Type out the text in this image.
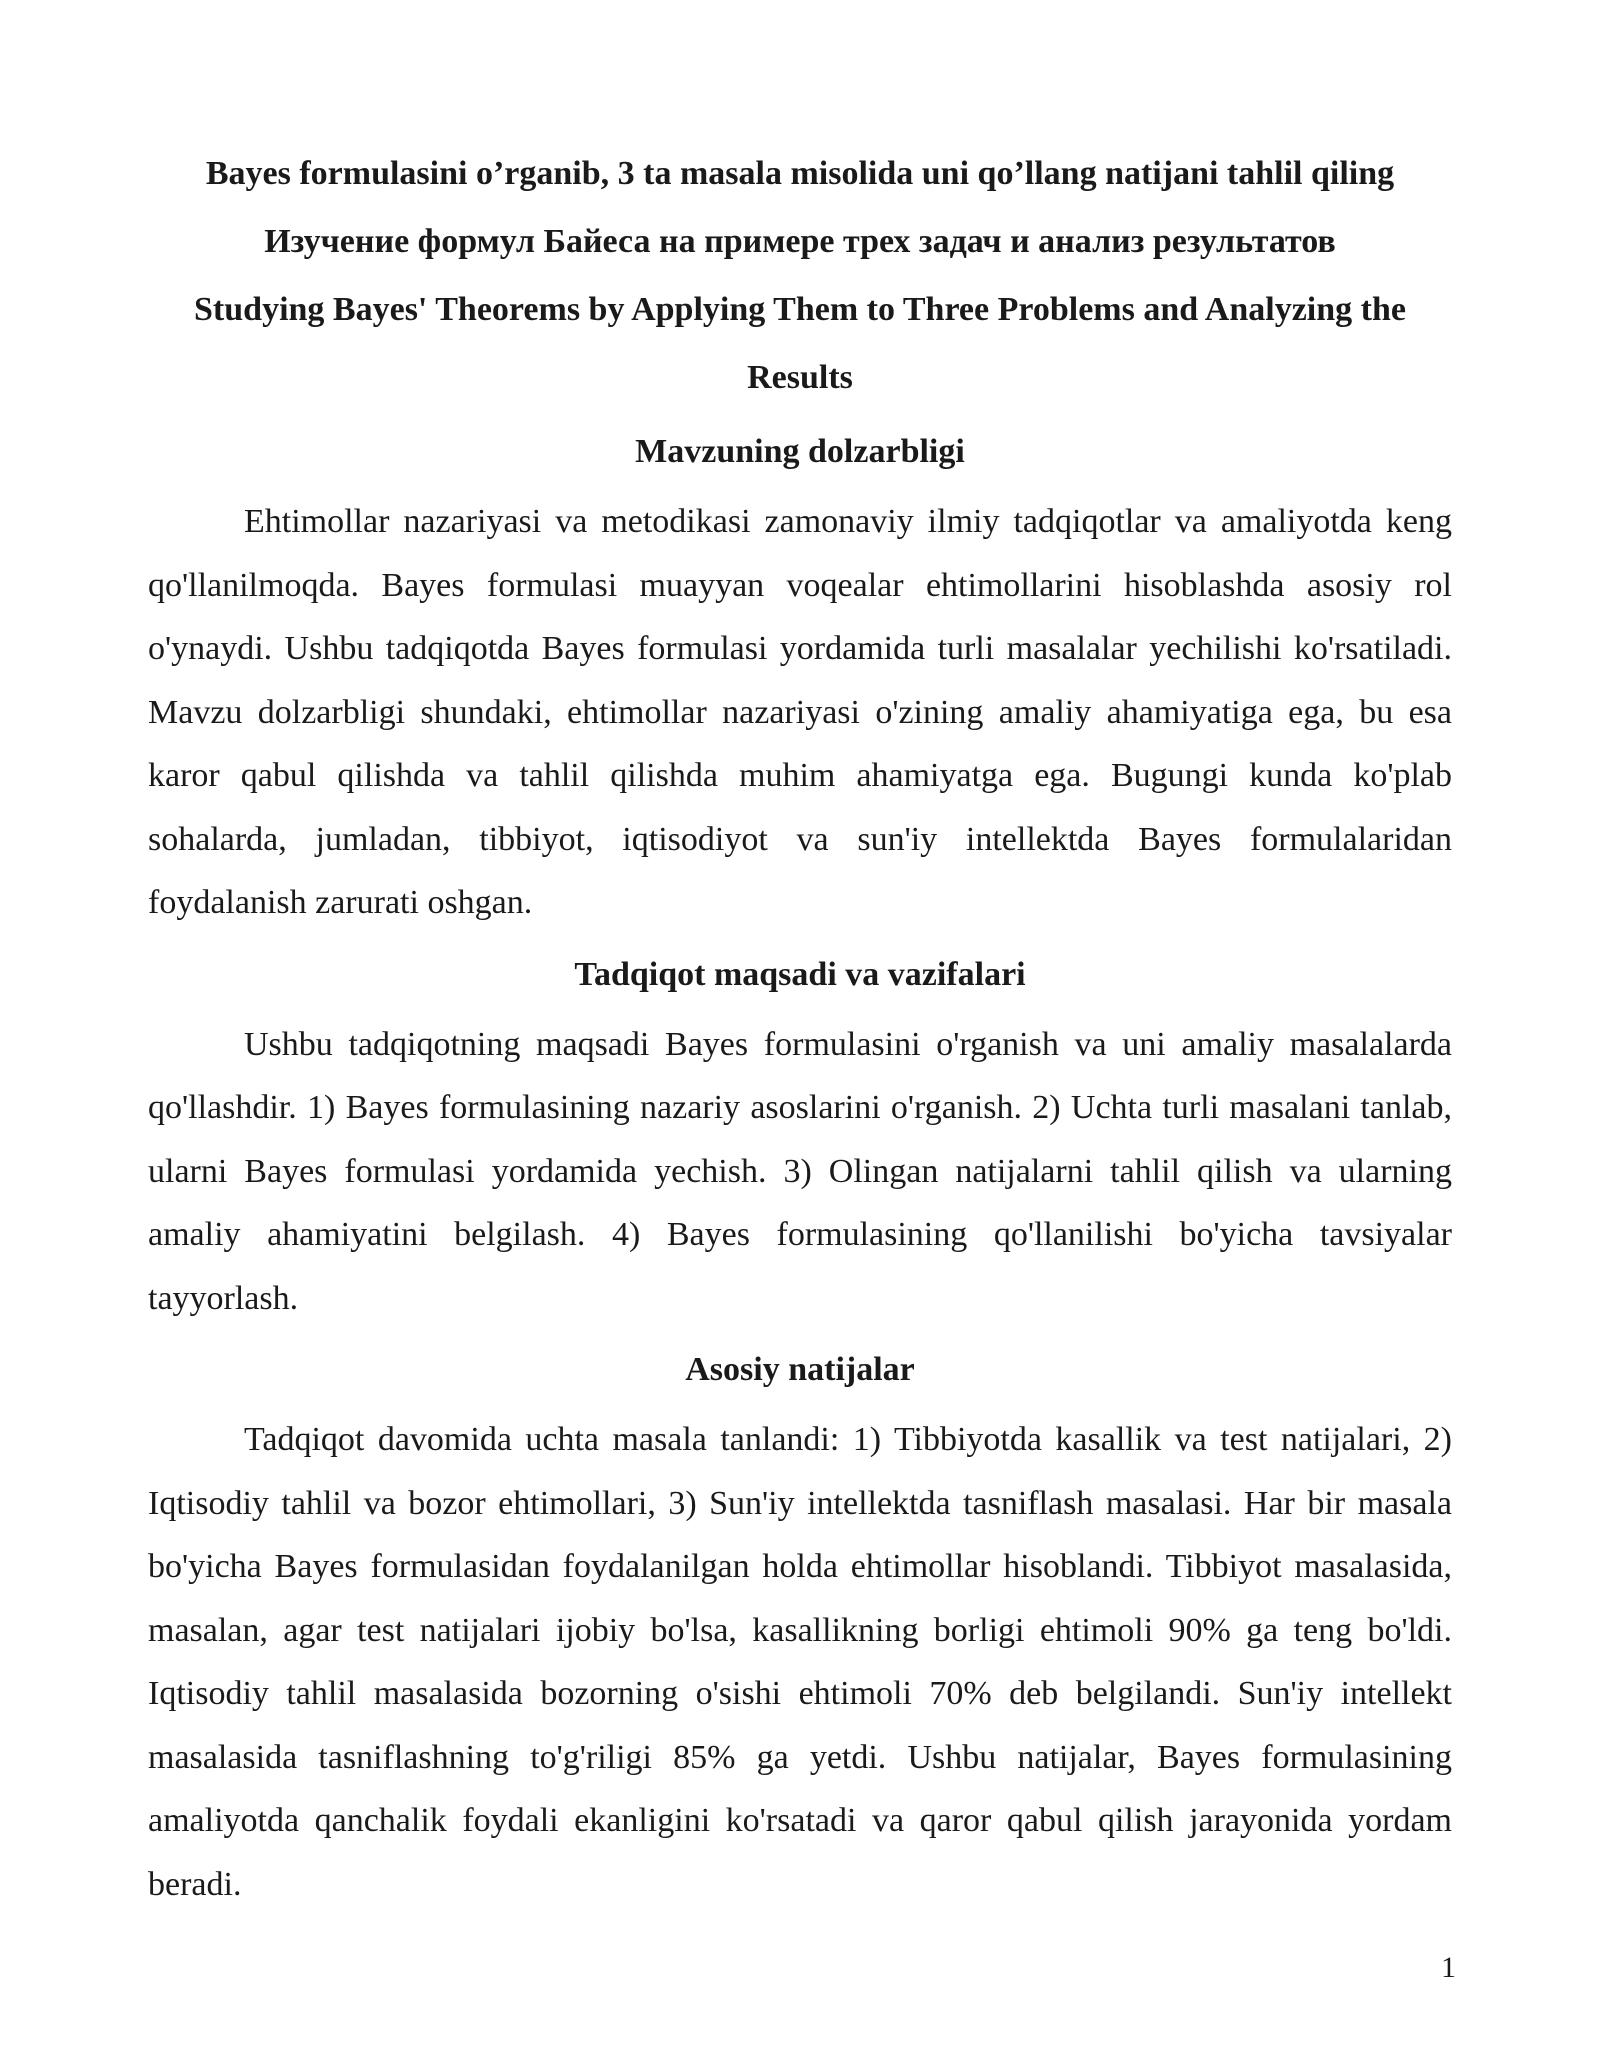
Bayes formulasini o’rganib, 3 ta masala misolida uni qo’llang natijani tahlil qiling

Изучение формул Байеса на примере трех задач и анализ результатов

Studying Bayes' Theorems by Applying Them to Three Problems and Analyzing the Results

Mavzuning dolzarbligi

Ehtimollar nazariyasi va metodikasi zamonaviy ilmiy tadqiqotlar va amaliyotda keng qo'llanilmoqda. Bayes formulasi muayyan voqealar ehtimollarini hisoblashda asosiy rol o'ynaydi. Ushbu tadqiqotda Bayes formulasi yordamida turli masalalar yechilishi ko'rsatiladi. Mavzu dolzarbligi shundaki, ehtimollar nazariyasi o'zining amaliy ahamiyatiga ega, bu esa karor qabul qilishda va tahlil qilishda muhim ahamiyatga ega. Bugungi kunda ko'plab sohalarda, jumladan, tibbiyot, iqtisodiyot va sun'iy intellektda Bayes formulalaridan foydalanish zarurati oshgan.

Tadqiqot maqsadi va vazifalari

Ushbu tadqiqotning maqsadi Bayes formulasini o'rganish va uni amaliy masalalarda qo'llashdir. 1) Bayes formulasining nazariy asoslarini o'rganish. 2) Uchta turli masalani tanlab, ularni Bayes formulasi yordamida yechish. 3) Olingan natijalarni tahlil qilish va ularning amaliy ahamiyatini belgilash. 4) Bayes formulasining qo'llanilishi bo'yicha tavsiyalar tayyorlash.

Asosiy natijalar

Tadqiqot davomida uchta masala tanlandi: 1) Tibbiyotda kasallik va test natijalari, 2) Iqtisodiy tahlil va bozor ehtimollari, 3) Sun'iy intellektda tasniflash masalasi. Har bir masala bo'yicha Bayes formulasidan foydalanilgan holda ehtimollar hisoblandi. Tibbiyot masalasida, masalan, agar test natijalari ijobiy bo'lsa, kasallikning borligi ehtimoli 90% ga teng bo'ldi. Iqtisodiy tahlil masalasida bozorning o'sishi ehtimoli 70% deb belgilandi. Sun'iy intellekt masalasida tasniflashning to'g'riligi 85% ga yetdi. Ushbu natijalar, Bayes formulasining amaliyotda qanchalik foydali ekanligini ko'rsatadi va qaror qabul qilish jarayonida yordam beradi.

1
